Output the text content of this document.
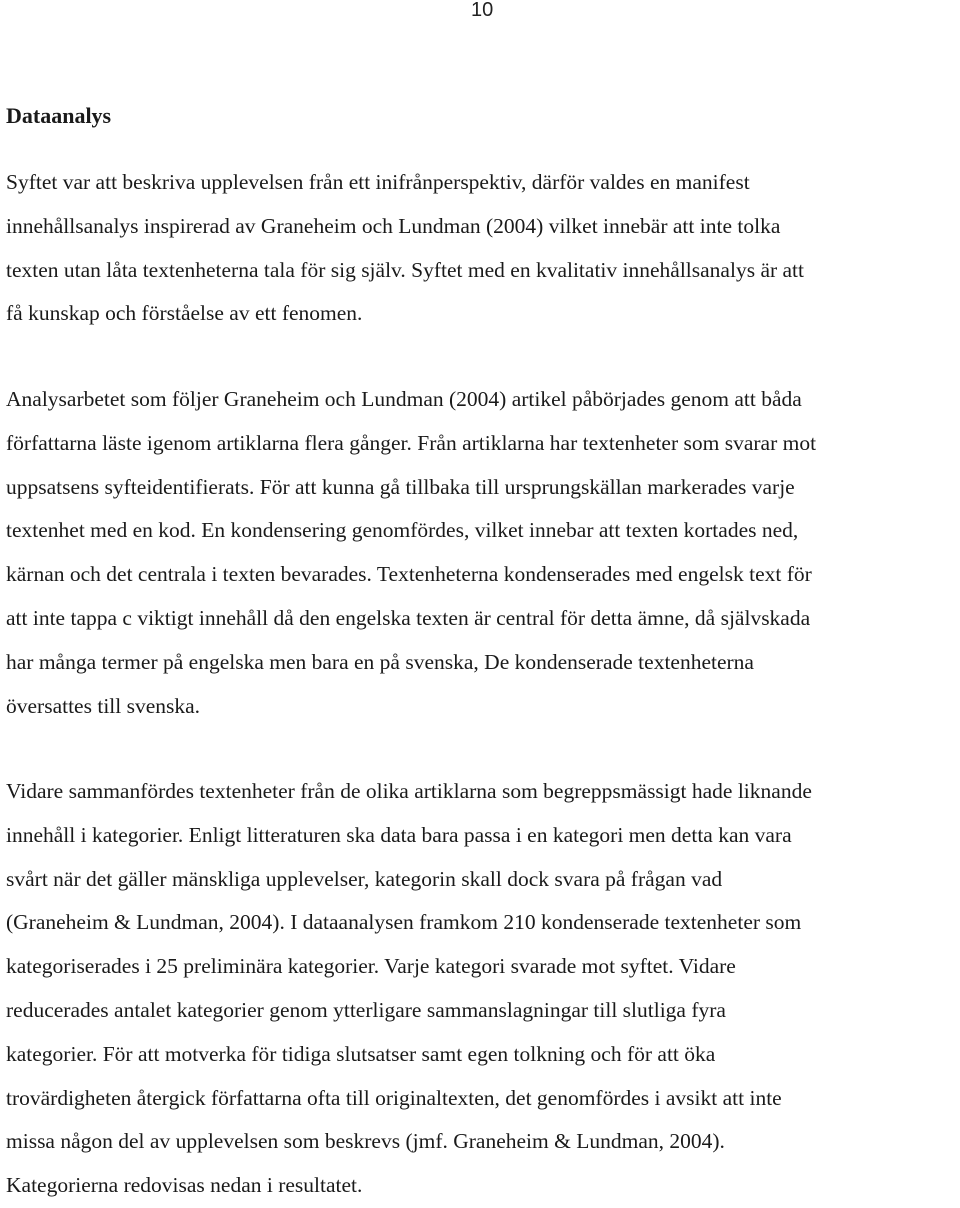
10
Dataanalys

Syftet var att beskriva upplevelsen från ett inifrånperspektiv, därför valdes en manifest
innehållsanalys inspirerad av Graneheim och Lundman (2004) vilket innebär att inte tolka
texten utan låta textenheterna tala för sig själv. Syftet med en kvalitativ innehållsanalys är att
få kunskap och förståelse av ett fenomen.

Analysarbetet som följer Graneheim och Lundman (2004) artikel påbörjades genom att båda
författarna läste igenom artiklarna flera gånger. Från artiklarna har textenheter som svarar mot
uppsatsens syfteidentifierats. För att kunna gå tillbaka till ursprungskällan markerades varje
textenhet med en kod. En kondensering genomfördes, vilket innebar att texten kortades ned,
kärnan och det centrala i texten bevarades. Textenheterna kondenserades med engelsk text för
att inte tappa c viktigt innehåll då den engelska texten är central för detta ämne, då självskada
har många termer på engelska men bara en på svenska, De kondenserade textenheterna
översattes till svenska.

Vidare sammanfördes textenheter från de olika artiklarna som begreppsmässigt hade liknande
innehåll i kategorier. Enligt litteraturen ska data bara passa i en kategori men detta kan vara
svårt när det gäller mänskliga upplevelser, kategorin skall dock svara på frågan vad
(Graneheim & Lundman, 2004). I dataanalysen framkom 210 kondenserade textenheter som
kategoriserades i 25 preliminära kategorier. Varje kategori svarade mot syftet. Vidare
reducerades antalet kategorier genom ytterligare sammanslagningar till slutliga fyra
kategorier. För att motverka för tidiga slutsatser samt egen tolkning och för att öka
trovärdigheten återgick författarna ofta till originaltexten, det genomfördes i avsikt att inte
missa någon del av upplevelsen som beskrevs (jmf. Graneheim & Lundman, 2004).
Kategorierna redovisas nedan i resultatet.
